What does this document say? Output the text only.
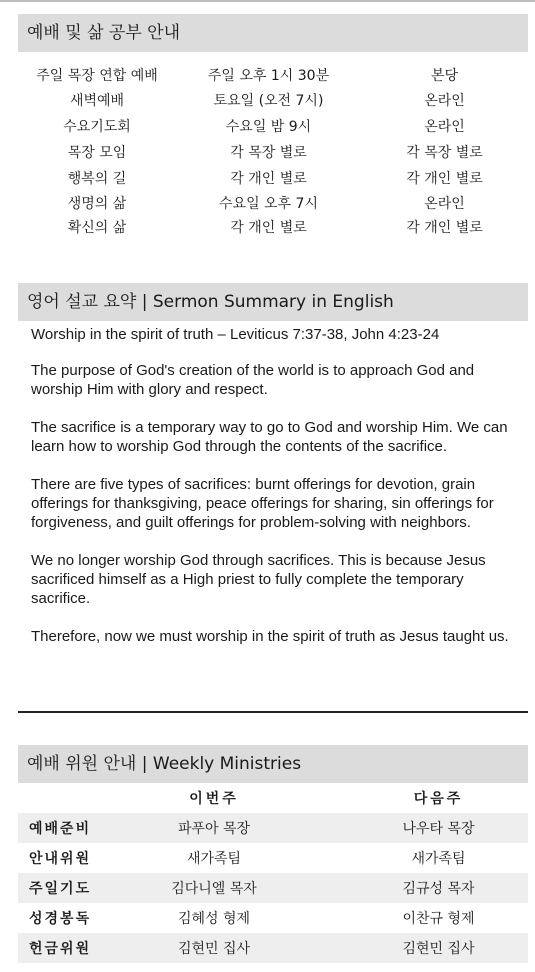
예배 및 삶 공부 안내
주일 목장 연합 예배	주일 오후 1시 30분	본당
새벽예배	토요일 (오전 7시)	온라인
수요기도회	수요일 밤 9시	온라인
목장 모임	각 목장 별로	각 목장 별로
행복의 길	각 개인 별로	각 개인 별로
생명의 삶	수요일 오후 7시	온라인
확신의 삶	각 개인 별로	각 개인 별로
영어 설교 요약 | Sermon Summary in English

Worship in the spirit of truth – Leviticus 7:37-38, John 4:23-24

The purpose of God's creation of the world is to approach God and worship Him with glory and respect.

The sacrifice is a temporary way to go to God and worship Him. We can learn how to worship God through the contents of the sacrifice.

There are five types of sacrifices: burnt offerings for devotion, grain offerings for thanksgiving, peace offerings for sharing, sin offerings for forgiveness, and guilt offerings for problem-solving with neighbors.

We no longer worship God through sacrifices. This is because Jesus sacrificed himself as a High priest to fully complete the temporary sacrifice.

Therefore, now we must worship in the spirit of truth as Jesus taught us.

예배 위원 안내 | Weekly Ministries
	이번주	다음주
예배준비	파푸아 목장	나우타 목장
안내위원	새가족팀	새가족팀
주일기도	김다니엘 목자	김규성 목자
성경봉독	김혜성 형제	이찬규 형제
헌금위원	김현민 집사	김현민 집사
